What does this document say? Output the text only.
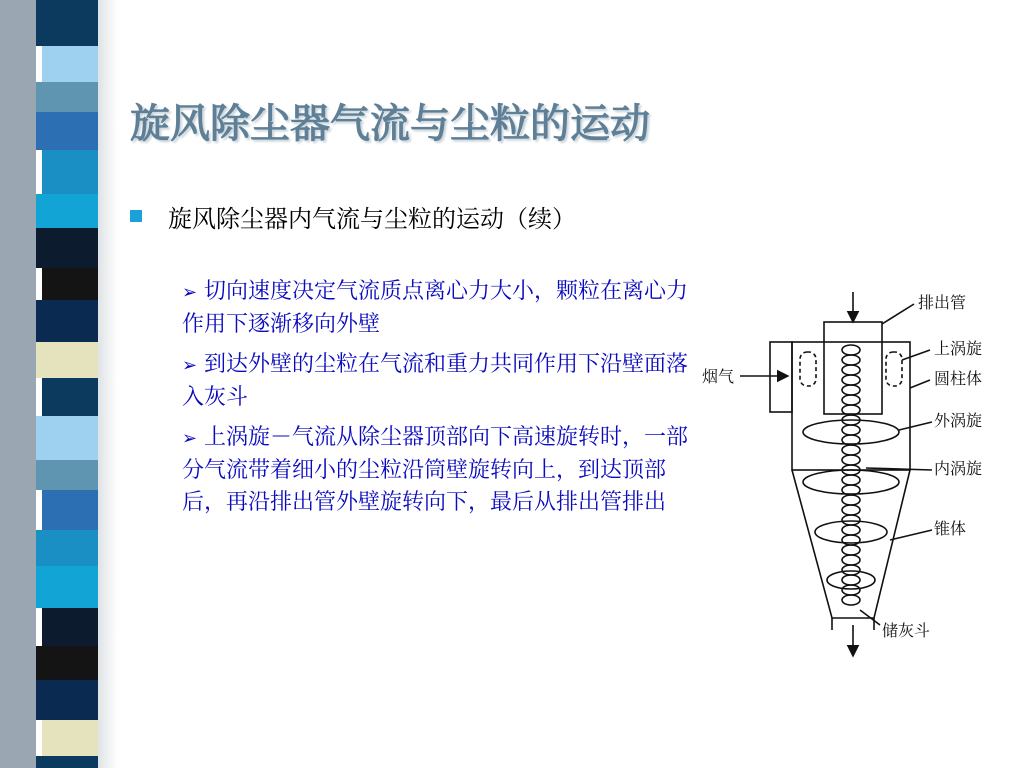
旋风除尘器气流与尘粒的运动
旋风除尘器内气流与尘粒的运动（续）
➢ 切向速度决定气流质点离心力大小，颗粒在离心力作用下逐渐移向外壁
➢ 到达外壁的尘粒在气流和重力共同作用下沿壁面落入灰斗
➢ 上涡旋－气流从除尘器顶部向下高速旋转时，一部分气流带着细小的尘粒沿筒壁旋转向上，到达顶部后，再沿排出管外壁旋转向下，最后从排出管排出
排出管
上涡旋
圆柱体
外涡旋
内涡旋
锥体
储灰斗
烟气
